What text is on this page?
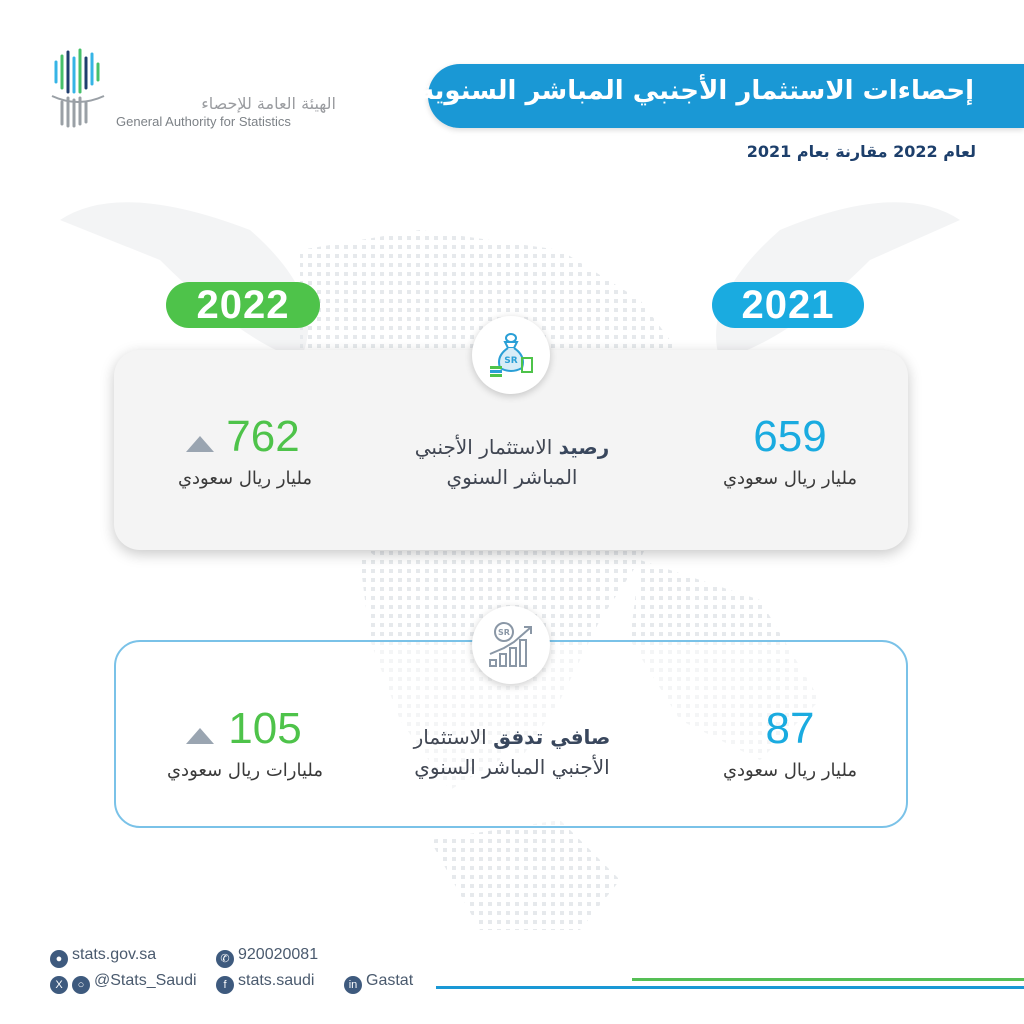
الهيئة العامة للإحصاء
General Authority for Statistics
إحصاءات الاستثمار الأجنبي المباشر السنوية
لعام 2022 مقارنة بعام 2021
2022	2021
SR
762
مليار ريال سعودي
رصيد الاستثمار الأجنبي المباشر السنوي
659
مليار ريال سعودي
SR
105
مليارات ريال سعودي
صافي تدفق الاستثمار الأجنبي المباشر السنوي
87
مليار ريال سعودي
● stats.gov.sa	✆ 920020081
X ○ @Stats_Saudi	f stats.saudi	in Gastat
